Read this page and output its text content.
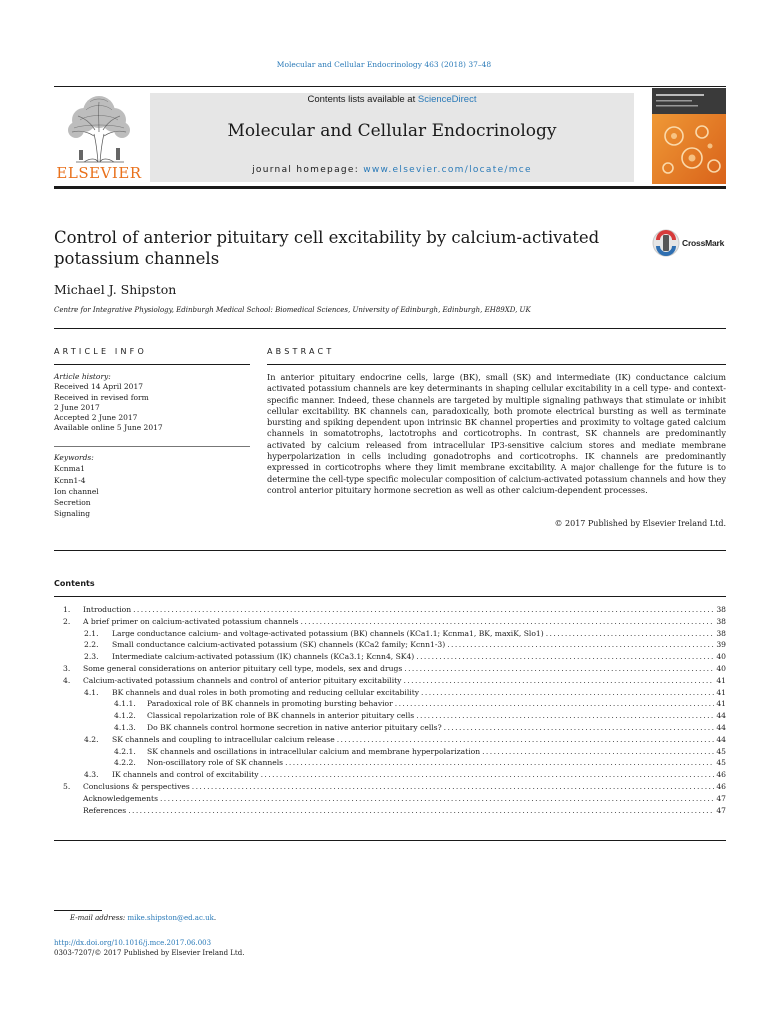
Molecular and Cellular Endocrinology 463 (2018) 37–48
ELSEVIER
Contents lists available at ScienceDirect
Molecular and Cellular Endocrinology
journal homepage: www.elsevier.com/locate/mce
Control of anterior pituitary cell excitability by calcium-activated potassium channels
CrossMark
Michael J. Shipston
Centre for Integrative Physiology, Edinburgh Medical School: Biomedical Sciences, University of Edinburgh, Edinburgh, EH89XD, UK
ARTICLE INFO	ABSTRACT
Article history:
Received 14 April 2017
Received in revised form
2 June 2017
Accepted 2 June 2017
Available online 5 June 2017
Keywords:
Kcnma1
Kcnn1-4
Ion channel
Secretion
Signaling
In anterior pituitary endocrine cells, large (BK), small (SK) and intermediate (IK) conductance calcium activated potassium channels are key determinants in shaping cellular excitability in a cell type- and context-specific manner. Indeed, these channels are targeted by multiple signaling pathways that stimulate or inhibit cellular excitability. BK channels can, paradoxically, both promote electrical bursting as well as terminate bursting and spiking dependent upon intrinsic BK channel properties and proximity to voltage gated calcium channels in somatotrophs, lactotrophs and corticotrophs. In contrast, SK channels are predominantly activated by calcium released from intracellular IP3-sensitive calcium stores and mediate membrane hyperpolarization in cells including gonadotrophs and corticotrophs. IK channels are predominantly expressed in corticotrophs where they limit membrane excitability. A major challenge for the future is to determine the cell-type specific molecular composition of calcium-activated potassium channels and how they control anterior pituitary hormone secretion as well as other calcium-dependent processes.
© 2017 Published by Elsevier Ireland Ltd.
Contents
1.	Introduction . . .	38
2.	A brief primer on calcium-activated potassium channels . . .	38
2.1.	Large conductance calcium- and voltage-activated potassium (BK) channels (KCa1.1; Kcnma1, BK, maxiK, Slo1) . . .	38
2.2.	Small conductance calcium-activated potassium (SK) channels (KCa2 family; Kcnn1-3) . . .	39
2.3.	Intermediate calcium-activated potassium (IK) channels (KCa3.1; Kcnn4, SK4) . . .	40
3.	Some general considerations on anterior pituitary cell type, models, sex and drugs . . .	40
4.	Calcium-activated potassium channels and control of anterior pituitary excitability . . .	41
4.1.	BK channels and dual roles in both promoting and reducing cellular excitability . . .	41
4.1.1.	Paradoxical role of BK channels in promoting bursting behavior . . .	41
4.1.2.	Classical repolarization role of BK channels in anterior pituitary cells . . .	44
4.1.3.	Do BK channels control hormone secretion in native anterior pituitary cells? . . .	44
4.2.	SK channels and coupling to intracellular calcium release . . .	44
4.2.1.	SK channels and oscillations in intracellular calcium and membrane hyperpolarization . . .	45
4.2.2.	Non-oscillatory role of SK channels . . .	45
4.3.	IK channels and control of excitability . . .	46
5.	Conclusions & perspectives . . .	46
Acknowledgements . . .	47
References . . .	47
E-mail address: mike.shipston@ed.ac.uk.
http://dx.doi.org/10.1016/j.mce.2017.06.003
0303-7207/© 2017 Published by Elsevier Ireland Ltd.
